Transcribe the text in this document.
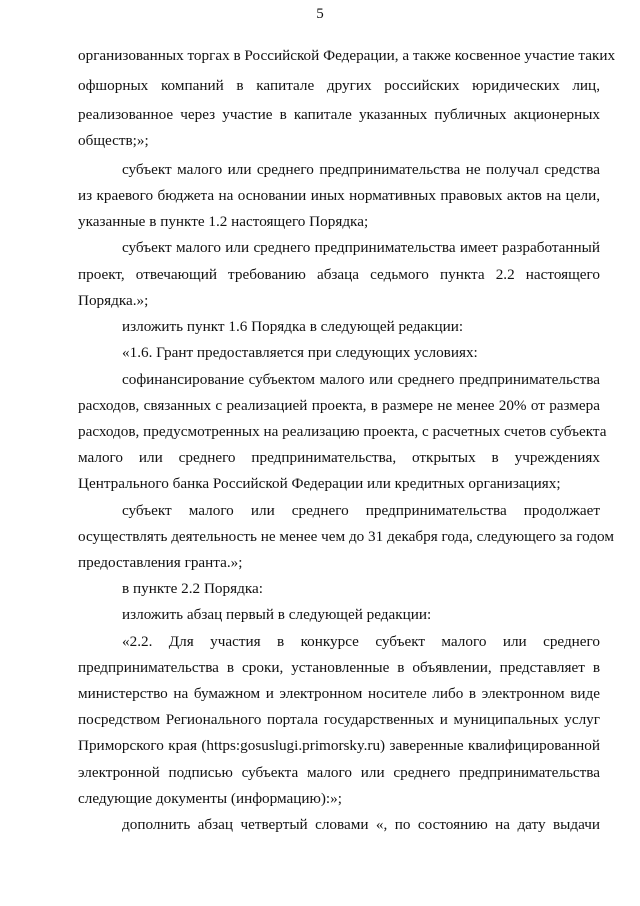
5
организованных торгах в Российской Федерации, а также косвенное участие таких
офшорных компаний в капитале других российских юридических лиц,
реализованное через участие в капитале указанных публичных акционерных
обществ;»;
субъект малого или среднего предпринимательства не получал средства
из краевого бюджета на основании иных нормативных правовых актов на цели,
указанные в пункте 1.2 настоящего Порядка;
субъект малого или среднего предпринимательства имеет разработанный
проект, отвечающий требованию абзаца седьмого пункта 2.2 настоящего
Порядка.»;
изложить пункт 1.6 Порядка в следующей редакции:
«1.6. Грант предоставляется при следующих условиях:
софинансирование субъектом малого или среднего предпринимательства
расходов, связанных с реализацией проекта, в размере не менее 20% от размера
расходов, предусмотренных на реализацию проекта, с расчетных счетов субъекта
малого или среднего предпринимательства, открытых в учреждениях
Центрального банка Российской Федерации или кредитных организациях;
субъект малого или среднего предпринимательства продолжает
осуществлять деятельность не менее чем до 31 декабря года, следующего за годом
предоставления гранта.»;
в пункте 2.2 Порядка:
изложить абзац первый в следующей редакции:
«2.2. Для участия в конкурсе субъект малого или среднего
предпринимательства в сроки, установленные в объявлении, представляет в
министерство на бумажном и электронном носителе либо в электронном виде
посредством Регионального портала государственных и муниципальных услуг
Приморского края (https:gosuslugi.primorsky.ru) заверенные квалифицированной
электронной подписью субъекта малого или среднего предпринимательства
следующие документы (информацию):»;
дополнить абзац четвертый словами «, по состоянию на дату выдачи
